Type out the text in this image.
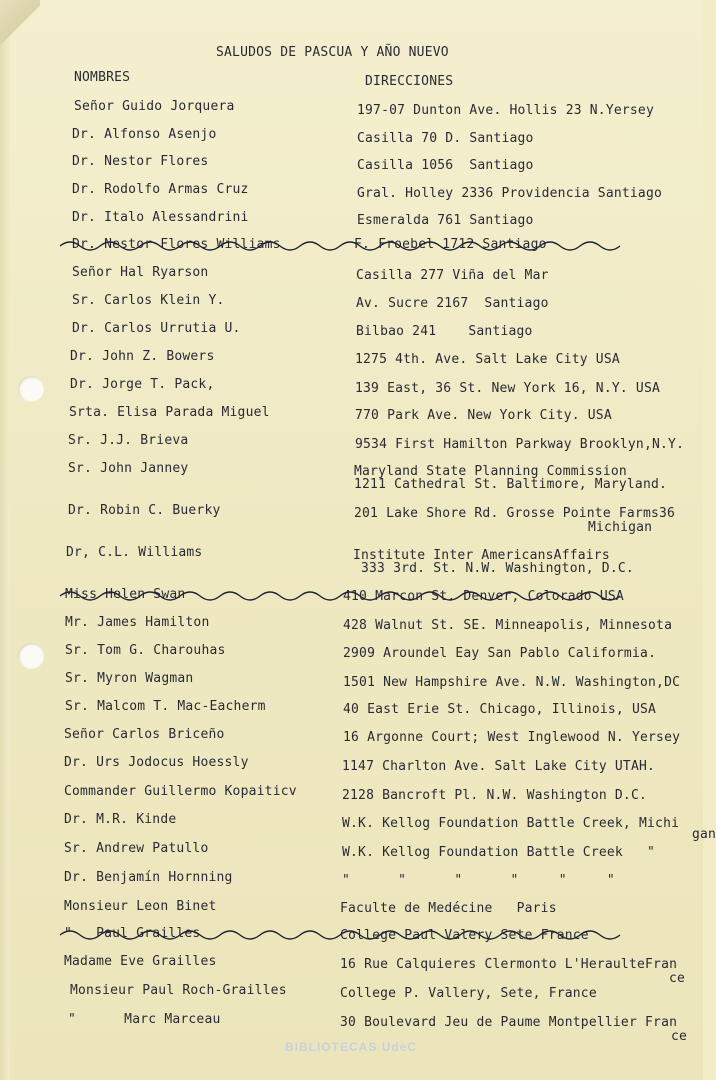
SALUDOS DE PASCUA Y AÑO NUEVO
NOMBRES	DIRECCIONES
Señor Guido Jorquera	197-07 Dunton Ave. Hollis 23 N.Yersey
Dr. Alfonso Asenjo	Casilla 70 D. Santiago
Dr. Nestor Flores	Casilla 1056  Santiago
Dr. Rodolfo Armas Cruz	Gral. Holley 2336 Providencia Santiago
Dr. Italo Alessandrini	Esmeralda 761 Santiago
Dr. Nestor Flores Williams	F. Froebel 1712 Santiago
Señor Hal Ryarson	Casilla 277 Viña del Mar
Sr. Carlos Klein Y.	Av. Sucre 2167  Santiago
Dr. Carlos Urrutia U.	Bilbao 241    Santiago
Dr. John Z. Bowers	1275 4th. Ave. Salt Lake City USA
Dr. Jorge T. Pack,	139 East, 36 St. New York 16, N.Y. USA
Srta. Elisa Parada Miguel	770 Park Ave. New York City. USA
Sr. J.J. Brieva	9534 First Hamilton Parkway Brooklyn,N.Y.
Sr. John Janney	Maryland State Planning Commission
1211 Cathedral St. Baltimore, Maryland.
Dr. Robin C. Buerky	201 Lake Shore Rd. Grosse Pointe Farms36
Michigan
Dr, C.L. Williams	Institute Inter AmericansAffairs
333 3rd. St. N.W. Washington, D.C.
Miss Helen Swan	410 Marcon St. Denver, Colorado USA
Mr. James Hamilton	428 Walnut St. SE. Minneapolis, Minnesota
Sr. Tom G. Charouhas	2909 Aroundel Eay San Pablo Califormia.
Sr. Myron Wagman	1501 New Hampshire Ave. N.W. Washington,DC
Sr. Malcom T. Mac-Eacherm	40 East Erie St. Chicago, Illinois, USA
Señor Carlos Briceño	16 Argonne Court; West Inglewood N. Yersey
Dr. Urs Jodocus Hoessly	1147 Charlton Ave. Salt Lake City UTAH.
Commander Guillermo Kopaiticv	2128 Bancroft Pl. N.W. Washington D.C.
Dr. M.R. Kinde	W.K. Kellog Foundation Battle Creek, Michi
gan
Sr. Andrew Patullo	W.K. Kellog Foundation Battle Creek   "
Dr. Benjamín Hornning	"      "      "      "     "     "
Monsieur Leon Binet	Faculte de Medécine   Paris
"   Paul Grailles	College Paul Valery Sete France
Madame Eve Grailles	16 Rue Calquieres Clermonto L'HeraulteFran
ce
Monsieur Paul Roch-Grailles	College P. Vallery, Sete, France
"      Marc Marceau	30 Boulevard Jeu de Paume Montpellier Fran
ce
BIBLIOTECAS UdeC
